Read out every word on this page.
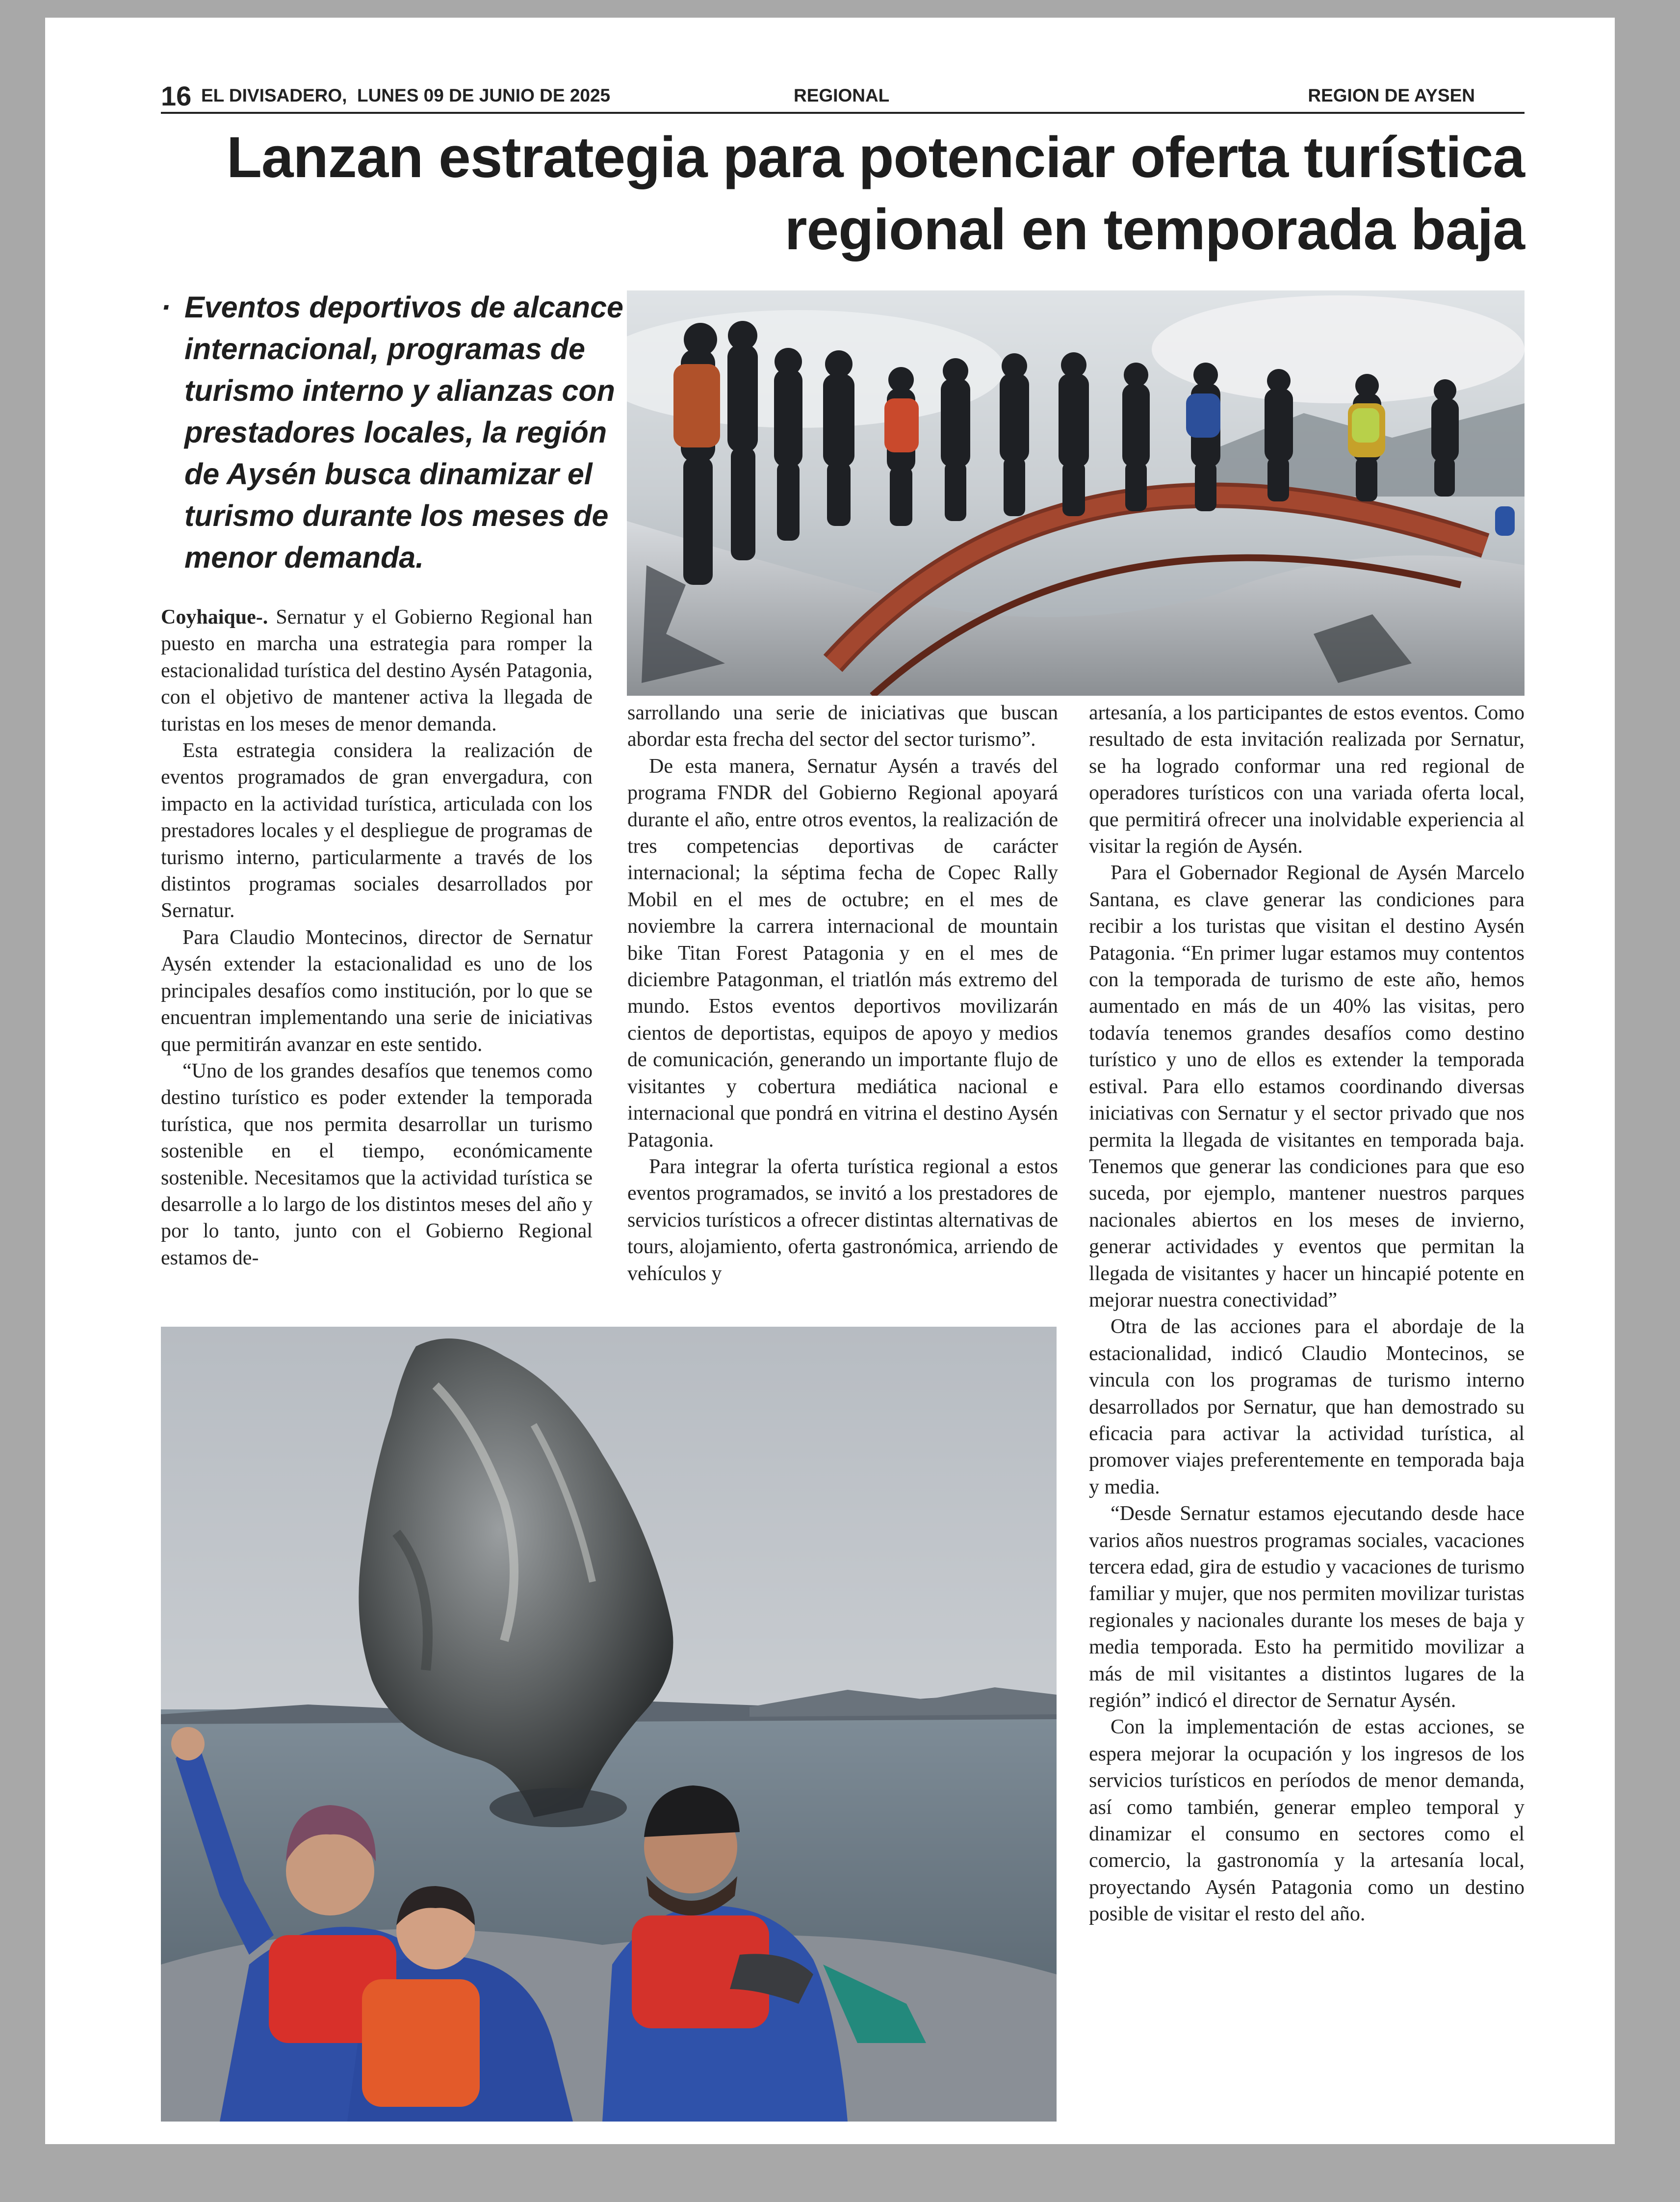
16 EL DIVISADERO,  LUNES 09 DE JUNIO DE 2025	REGIONAL	REGION DE AYSEN
Lanzan estrategia para potenciar oferta turística regional en temporada baja
· Eventos deportivos de alcance internacional, programas de turismo interno y alianzas con prestadores locales, la región de Aysén busca dinamizar el turismo durante los meses de menor demanda.

Coyhaique-. Sernatur y el Gobierno Regional han puesto en marcha una estrategia para romper la estacionalidad turística del destino Aysén Patagonia, con el objetivo de mantener activa la llegada de turistas en los meses de menor demanda.

Esta estrategia considera la realización de eventos programados de gran envergadura, con impacto en la actividad turística, articulada con los prestadores locales y el despliegue de programas de turismo interno, particularmente a través de los distintos programas sociales desarrollados por Sernatur.

Para Claudio Montecinos, director de Sernatur Aysén extender la estacionalidad es uno de los principales desafíos como institución, por lo que se encuentran implementando una serie de iniciativas que permitirán avanzar en este sentido.

“Uno de los grandes desafíos que tenemos como destino turístico es poder extender la temporada turística, que nos permita desarrollar un turismo sostenible en el tiempo, económicamente sostenible. Necesitamos que la actividad turística se desarrolle a lo largo de los distintos meses del año y por lo tanto, junto con el Gobierno Regional estamos de-

sarrollando una serie de iniciativas que buscan abordar esta frecha del sector del sector turismo”.

De esta manera, Sernatur Aysén a través del programa FNDR del Gobierno Regional apoyará durante el año, entre otros eventos, la realización de tres competencias deportivas de carácter internacional; la séptima fecha de Copec Rally Mobil en el mes de octubre; en el mes de noviembre la carrera internacional de mountain bike Titan Forest Patagonia y en el mes de diciembre Patagonman, el triatlón más extremo del mundo. Estos eventos deportivos movilizarán cientos de deportistas, equipos de apoyo y medios de comunicación, generando un importante flujo de visitantes y cobertura mediática nacional e internacional que pondrá en vitrina el destino Aysén Patagonia.

Para integrar la oferta turística regional a estos eventos programados, se invitó a los prestadores de servicios turísticos a ofrecer distintas alternativas de tours, alojamiento, oferta gastronómica, arriendo de vehículos y

artesanía, a los participantes de estos eventos. Como resultado de esta invitación realizada por Sernatur, se ha logrado conformar una red regional de operadores turísticos con una variada oferta local, que permitirá ofrecer una inolvidable experiencia al visitar la región de Aysén.

Para el Gobernador Regional de Aysén Marcelo Santana, es clave generar las condiciones para recibir a los turistas que visitan el destino Aysén Patagonia. “En primer lugar estamos muy contentos con la temporada de turismo de este año, hemos aumentado en más de un 40% las visitas, pero todavía tenemos grandes desafíos como destino turístico y uno de ellos es extender la temporada estival. Para ello estamos coordinando diversas iniciativas con Sernatur y el sector privado que nos permita la llegada de visitantes en temporada baja. Tenemos que generar las condiciones para que eso suceda, por ejemplo, mantener nuestros parques nacionales abiertos en los meses de invierno, generar actividades y eventos que permitan la llegada de visitantes y hacer un hincapié potente en mejorar nuestra conectividad”

Otra de las acciones para el abordaje de la estacionalidad, indicó Claudio Montecinos, se vincula con los programas de turismo interno desarrollados por Sernatur, que han demostrado su eficacia para activar la actividad turística, al promover viajes preferentemente en temporada baja y media.

“Desde Sernatur estamos ejecutando desde hace varios años nuestros programas sociales, vacaciones tercera edad, gira de estudio y vacaciones de turismo familiar y mujer, que nos permiten movilizar turistas regionales y nacionales durante los meses de baja y media temporada. Esto ha permitido movilizar a más de mil visitantes a distintos lugares de la región” indicó el director de Sernatur Aysén.

Con la implementación de estas acciones, se espera mejorar la ocupación y los ingresos de los servicios turísticos en períodos de menor demanda, así como también, generar empleo temporal y dinamizar el consumo en sectores como el comercio, la gastronomía y la artesanía local, proyectando Aysén Patagonia como un destino posible de visitar el resto del año.
